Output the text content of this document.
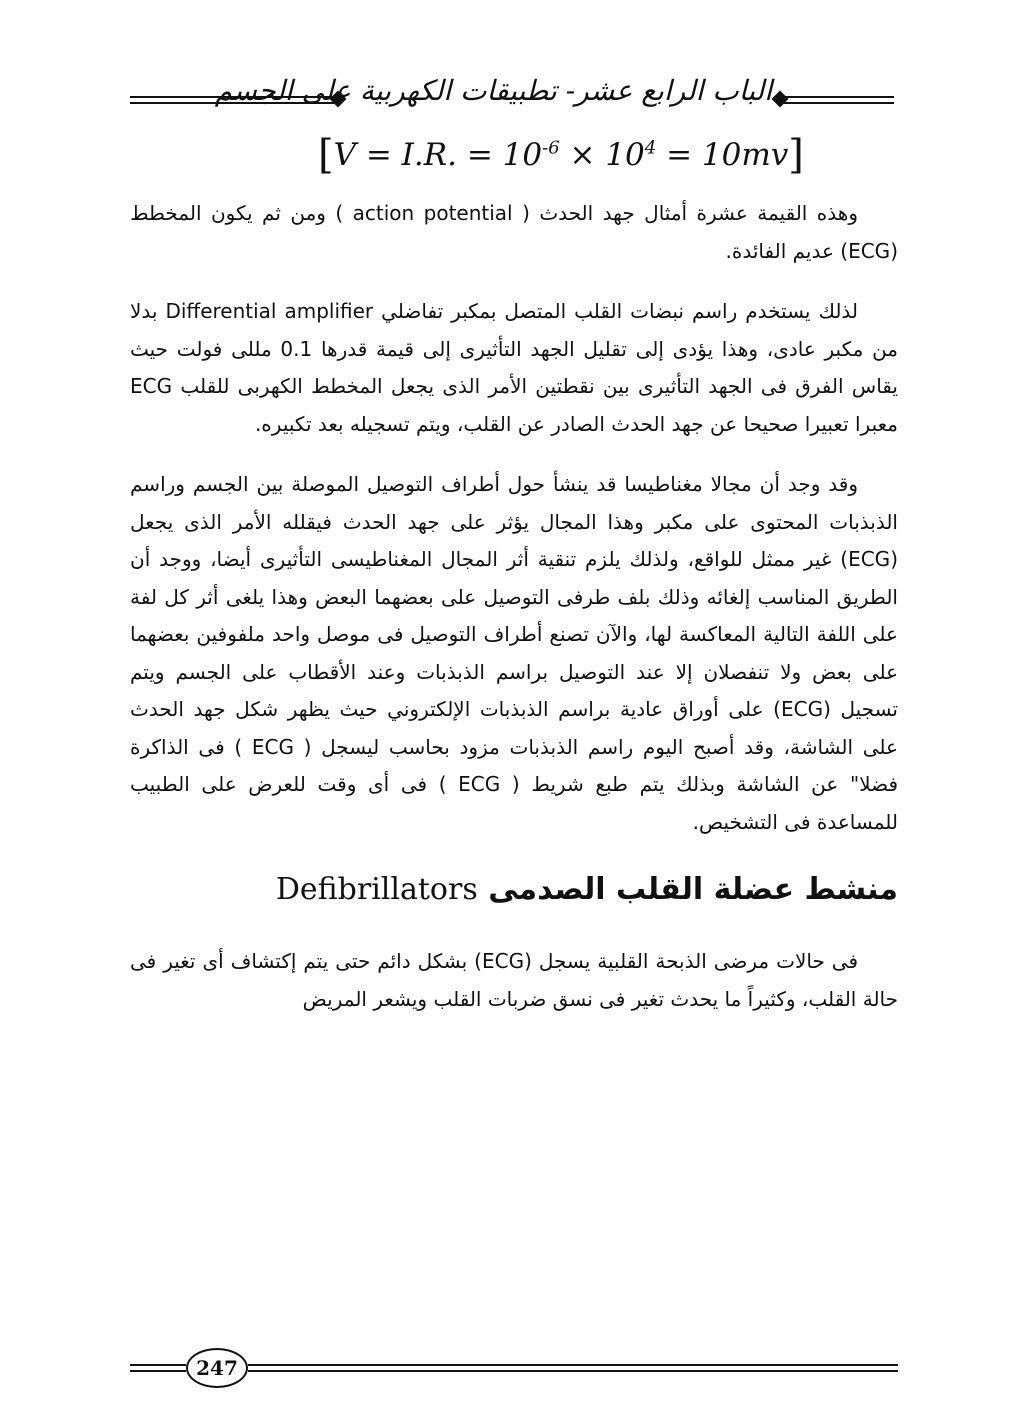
الباب الرابع عشر- تطبيقات الكهربية على الجسم
[V = I.R. = $10^{-6} \times 10^4 = 10mv$]

وهذه القيمة عشرة أمثال جهد الحدث ( action potential ) ومن ثم يكون المخطط (ECG) عديم الفائدة.

لذلك يستخدم راسم نبضات القلب المتصل بمكبر تفاضلي Differential amplifier بدلا من مكبر عادى، وهذا يؤدى إلى تقليل الجهد التأثيرى إلى قيمة قدرها 0.1 مللى فولت حيث يقاس الفرق فى الجهد التأثيرى بين نقطتين الأمر الذى يجعل المخطط الكهربى للقلب ECG معبرا تعبيرا صحيحا عن جهد الحدث الصادر عن القلب، ويتم تسجيله بعد تكبيره.

وقد وجد أن مجالا مغناطيسا قد ينشأ حول أطراف التوصيل الموصلة بين الجسم وراسم الذبذبات المحتوى على مكبر وهذا المجال يؤثر على جهد الحدث فيقلله الأمر الذى يجعل (ECG) غير ممثل للواقع، ولذلك يلزم تنقية أثر المجال المغناطيسى التأثيرى أيضا، ووجد أن الطريق المناسب إلغائه وذلك بلف طرفى التوصيل على بعضهما البعض وهذا يلغى أثر كل لفة على اللفة التالية المعاكسة لها، والآن تصنع أطراف التوصيل فى موصل واحد ملفوفين بعضهما على بعض ولا تنفصلان إلا عند التوصيل براسم الذبذبات وعند الأقطاب على الجسم ويتم تسجيل (ECG) على أوراق عادية براسم الذبذبات الإلكتروني حيث يظهر شكل جهد الحدث على الشاشة، وقد أصبح اليوم راسم الذبذبات مزود بحاسب ليسجل ( ECG ) فى الذاكرة فضلا" عن الشاشة وبذلك يتم طبع شريط ( ECG ) فى أى وقت للعرض على الطبيب للمساعدة فى التشخيص.

منشط عضلة القلب الصدمى Defibrillators

فى حالات مرضى الذبحة القلبية يسجل (ECG) بشكل دائم حتى يتم إكتشاف أى تغير فى حالة القلب، وكثيراً ما يحدث تغير فى نسق ضربات القلب ويشعر المريض

247
